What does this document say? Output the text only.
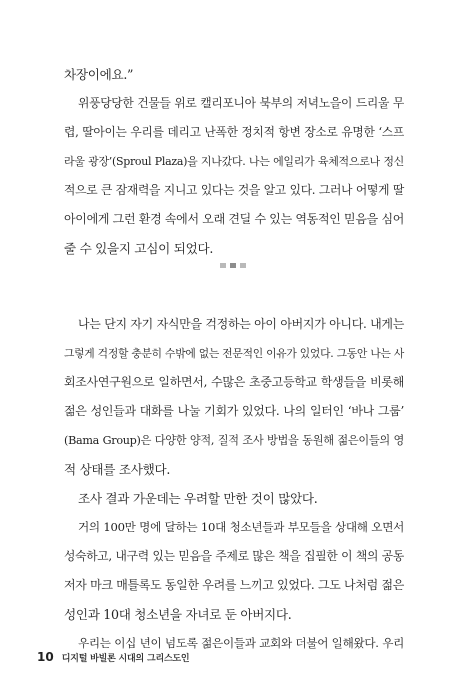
차장이에요.”
위풍당당한 건물들 위로 캘리포니아 북부의 저녁노을이 드리울 무
렵, 딸아이는 우리를 데리고 난폭한 정치적 항변 장소로 유명한 ‘스프
라울 광장’(Sproul Plaza)을 지나갔다. 나는 에일리가 육체적으로나 정신
적으로 큰 잠재력을 지니고 있다는 것을 알고 있다. 그러나 어떻게 딸
아이에게 그런 환경 속에서 오래 견딜 수 있는 역동적인 믿음을 심어
줄 수 있을지 고심이 되었다.
나는 단지 자기 자식만을 걱정하는 아이 아버지가 아니다. 내게는
그렇게 걱정할 충분히 수밖에 없는 전문적인 이유가 있었다. 그동안 나는 사
회조사연구원으로 일하면서, 수많은 초중고등학교 학생들을 비롯해
젊은 성인들과 대화를 나눌 기회가 있었다. 나의 일터인 ‘바나 그룹’
(Bama Group)은 다양한 양적, 질적 조사 방법을 동원해 젊은이들의 영
적 상태를 조사했다.
조사 결과 가운데는 우려할 만한 것이 많았다.
거의 100만 명에 달하는 10대 청소년들과 부모들을 상대해 오면서
성숙하고, 내구력 있는 믿음을 주제로 많은 책을 집필한 이 책의 공동
저자 마크 매틀록도 동일한 우려를 느끼고 있었다. 그도 나처럼 젊은
성인과 10대 청소년을 자녀로 둔 아버지다.
우리는 이십 년이 넘도록 젊은이들과 교회와 더불어 일해왔다. 우리
10 디지털 바빌론 시대의 그리스도인
